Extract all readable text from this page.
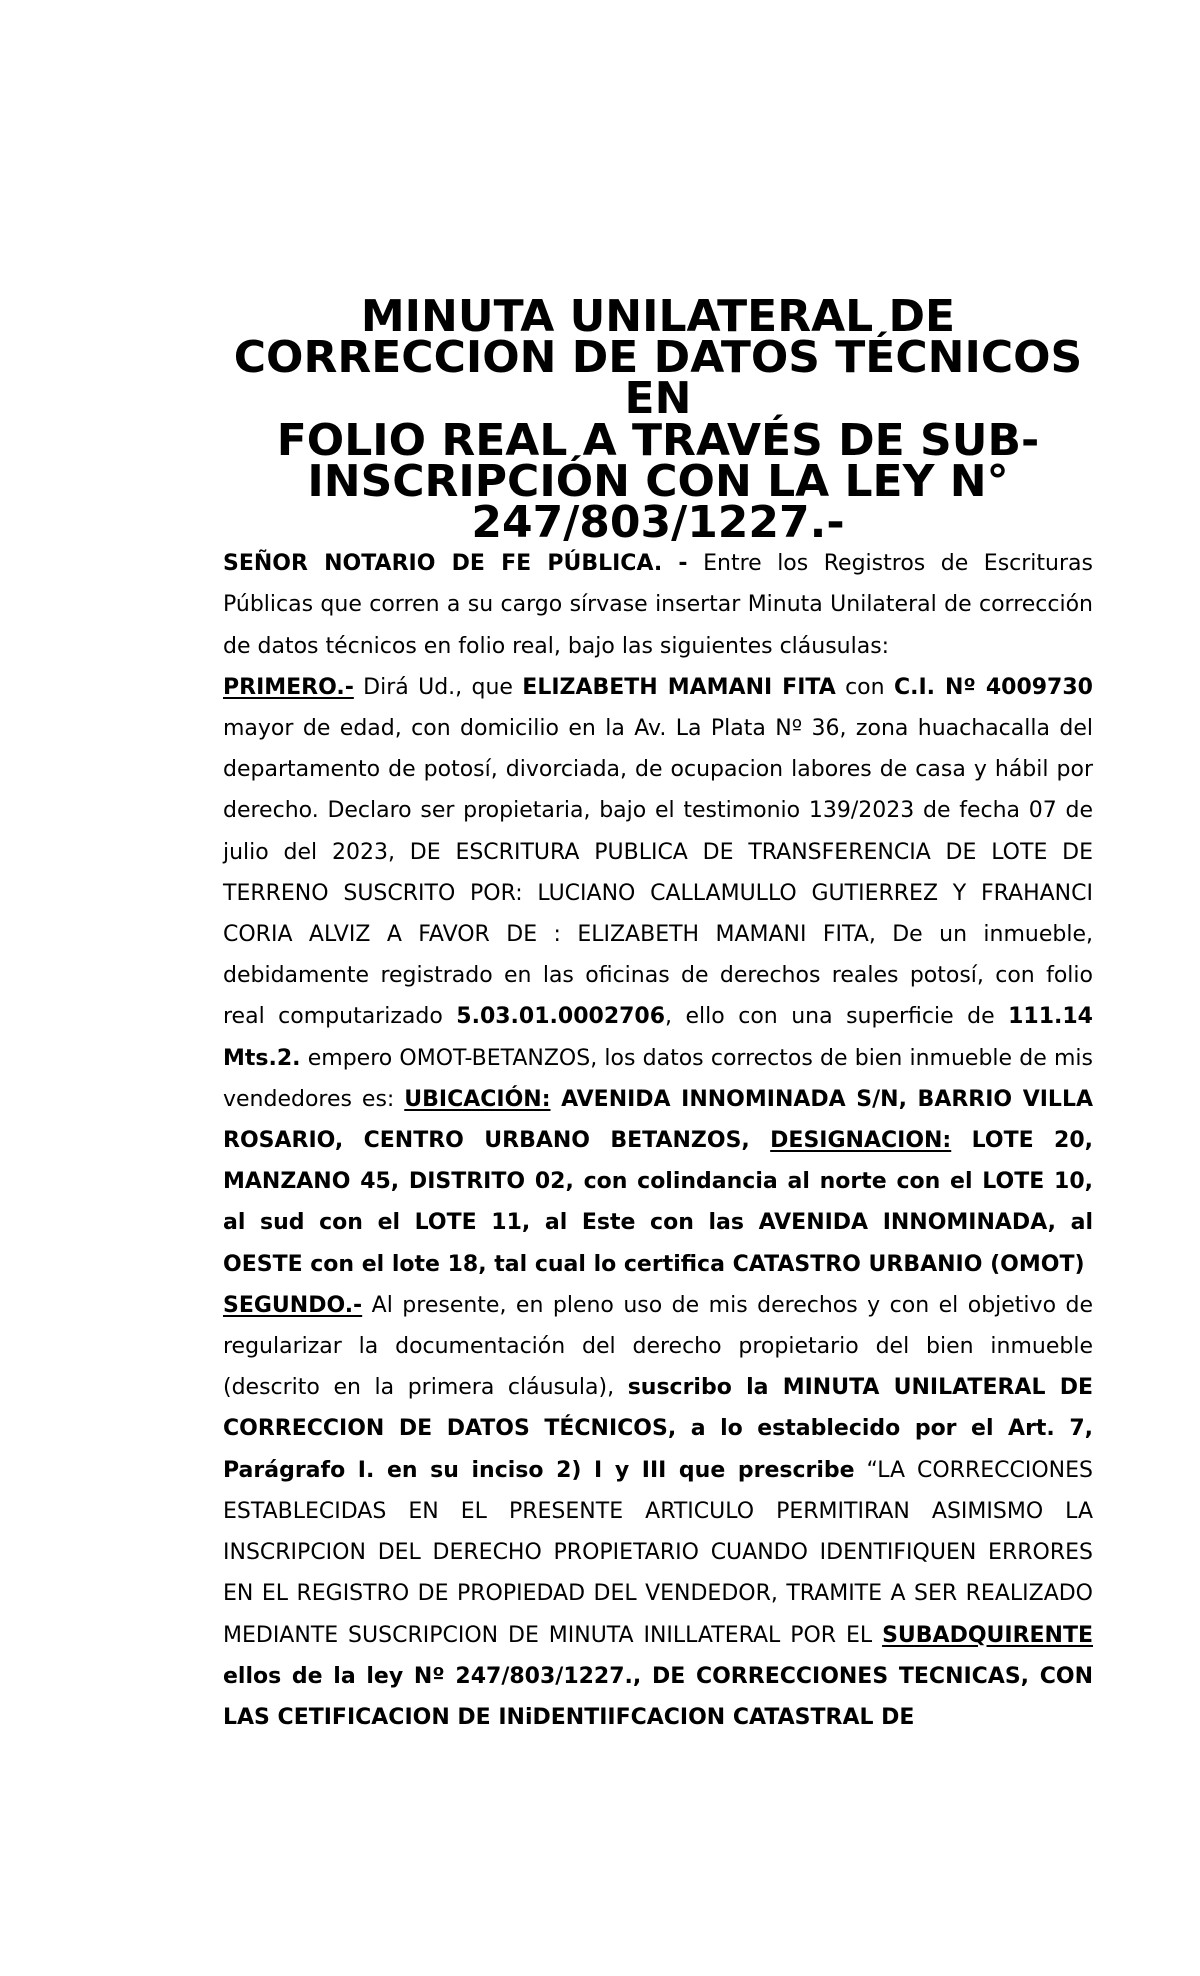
MINUTA UNILATERAL DE CORRECCION DE DATOS TÉCNICOS EN
FOLIO REAL A TRAVÉS DE SUB-INSCRIPCIÓN CON LA LEY N°
247/803/1227.-

SEÑOR NOTARIO DE FE PÚBLICA. - Entre los Registros de Escrituras Públicas que corren a su cargo sírvase insertar Minuta Unilateral de corrección de datos técnicos en folio real, bajo las siguientes cláusulas:

PRIMERO.- Dirá Ud., que ELIZABETH MAMANI FITA con C.I. Nº 4009730 mayor de edad, con domicilio en la Av. La Plata Nº 36, zona huachacalla del departamento de potosí, divorciada, de ocupacion labores de casa y hábil por derecho. Declaro ser propietaria, bajo el testimonio 139/2023 de fecha 07 de julio del 2023, DE ESCRITURA PUBLICA DE TRANSFERENCIA DE LOTE DE TERRENO SUSCRITO POR: LUCIANO CALLAMULLO GUTIERREZ Y FRAHANCI CORIA ALVIZ A FAVOR DE : ELIZABETH MAMANI FITA, De un inmueble, debidamente registrado en las oficinas de derechos reales potosí, con folio real computarizado 5.03.01.0002706, ello con una superficie de 111.14 Mts.2. empero OMOT-BETANZOS, los datos correctos de bien inmueble de mis vendedores es: UBICACIÓN: AVENIDA INNOMINADA S/N, BARRIO VILLA ROSARIO, CENTRO URBANO BETANZOS, DESIGNACION: LOTE 20, MANZANO 45, DISTRITO 02, con colindancia al norte con el LOTE 10, al sud con el LOTE 11, al Este con las AVENIDA INNOMINADA, al OESTE con el lote 18, tal cual lo certifica CATASTRO URBANIO (OMOT)

SEGUNDO.- Al presente, en pleno uso de mis derechos y con el objetivo de regularizar la documentación del derecho propietario del bien inmueble (descrito en la primera cláusula), suscribo la MINUTA UNILATERAL DE CORRECCION DE DATOS TÉCNICOS, a lo establecido por el Art. 7, Parágrafo I. en su inciso 2) I y III que prescribe “LA CORRECCIONES ESTABLECIDAS EN EL PRESENTE ARTICULO PERMITIRAN ASIMISMO LA INSCRIPCION DEL DERECHO PROPIETARIO CUANDO IDENTIFIQUEN ERRORES EN EL REGISTRO DE PROPIEDAD DEL VENDEDOR, TRAMITE A SER REALIZADO MEDIANTE SUSCRIPCION DE MINUTA INILLATERAL POR EL SUBADQUIRENTE ellos de la ley Nº 247/803/1227., DE CORRECCIONES TECNICAS, CON LAS CETIFICACION DE INiDENTIIFCACION CATASTRAL DE
